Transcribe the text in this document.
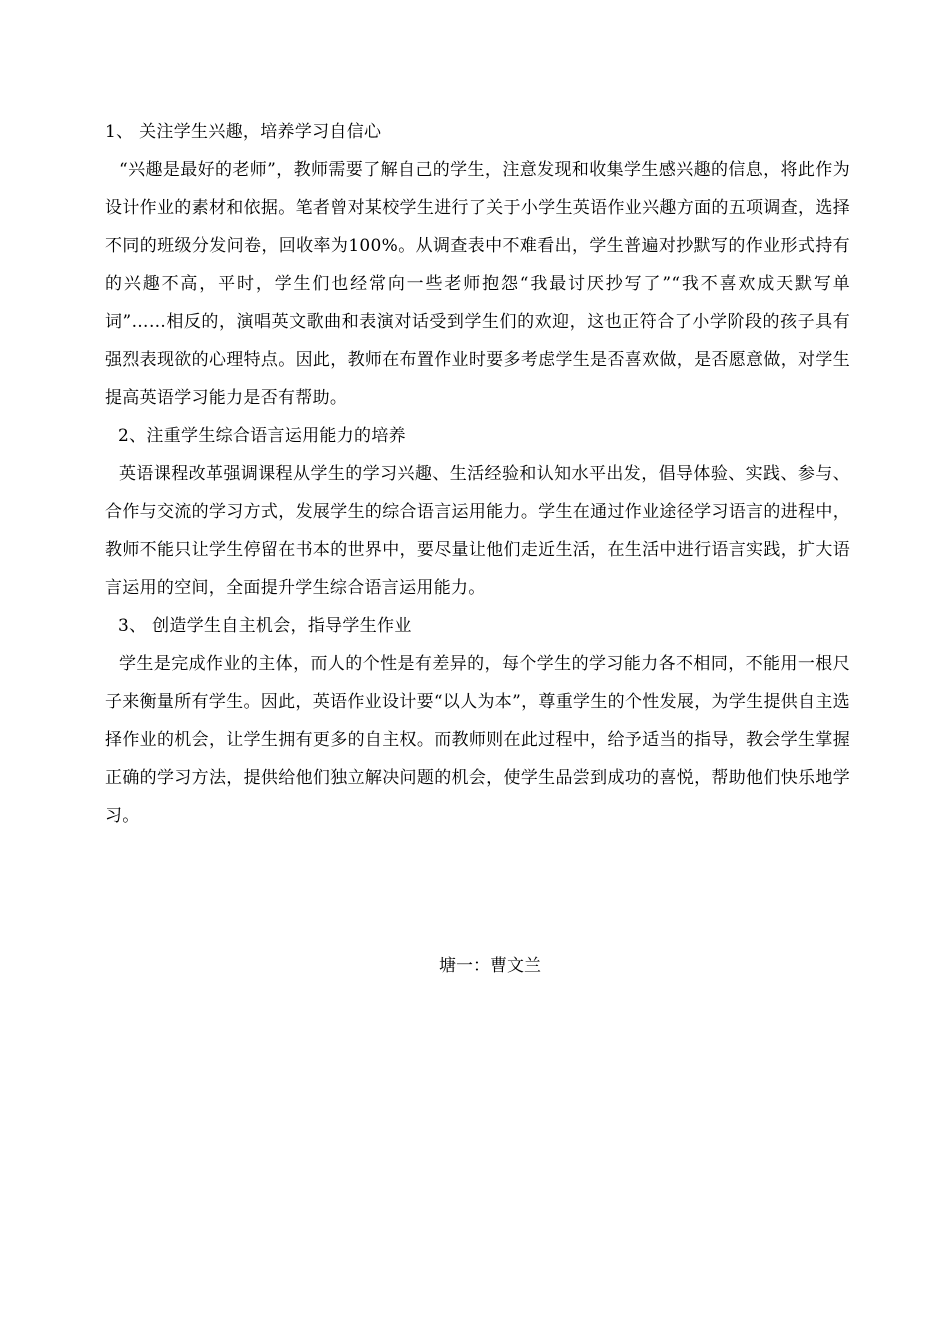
1、 关注学生兴趣，培养学习自信心

“兴趣是最好的老师”，教师需要了解自己的学生，注意发现和收集学生感兴趣的信息，将此作为设计作业的素材和依据。笔者曾对某校学生进行了关于小学生英语作业兴趣方面的五项调查，选择不同的班级分发问卷，回收率为100%。从调查表中不难看出，学生普遍对抄默写的作业形式持有的兴趣不高，平时，学生们也经常向一些老师抱怨“我最讨厌抄写了”“我不喜欢成天默写单词”……相反的，演唱英文歌曲和表演对话受到学生们的欢迎，这也正符合了小学阶段的孩子具有强烈表现欲的心理特点。因此，教师在布置作业时要多考虑学生是否喜欢做，是否愿意做，对学生提高英语学习能力是否有帮助。

2、注重学生综合语言运用能力的培养

英语课程改革强调课程从学生的学习兴趣、生活经验和认知水平出发，倡导体验、实践、参与、合作与交流的学习方式，发展学生的综合语言运用能力。学生在通过作业途径学习语言的进程中，教师不能只让学生停留在书本的世界中，要尽量让他们走近生活，在生活中进行语言实践，扩大语言运用的空间，全面提升学生综合语言运用能力。

3、 创造学生自主机会，指导学生作业

学生是完成作业的主体，而人的个性是有差异的，每个学生的学习能力各不相同，不能用一根尺子来衡量所有学生。因此，英语作业设计要“以人为本”，尊重学生的个性发展，为学生提供自主选择作业的机会，让学生拥有更多的自主权。而教师则在此过程中，给予适当的指导，教会学生掌握正确的学习方法，提供给他们独立解决问题的机会，使学生品尝到成功的喜悦，帮助他们快乐地学习。

塘一：曹文兰
